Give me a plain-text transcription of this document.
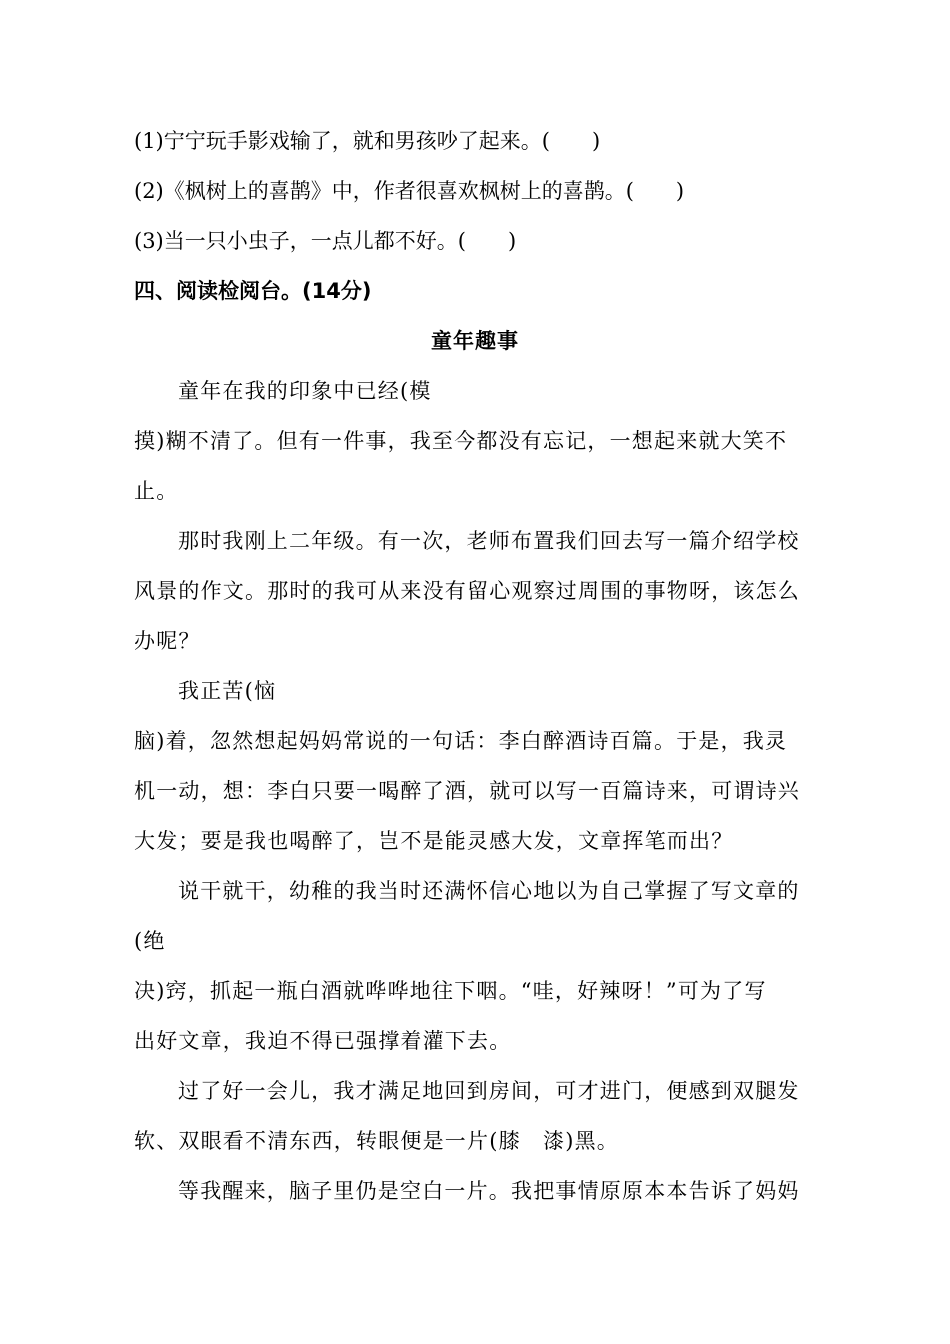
(1)宁宁玩手影戏输了，就和男孩吵了起来。(　　)
(2)《枫树上的喜鹊》中，作者很喜欢枫树上的喜鹊。(　　)
(3)当一只小虫子，一点儿都不好。(　　)
四、阅读检阅台。(14分)
童年趣事
童年在我的印象中已经(模
摸)糊不清了。但有一件事，我至今都没有忘记，一想起来就大笑不
止。
那时我刚上二年级。有一次，老师布置我们回去写一篇介绍学校
风景的作文。那时的我可从来没有留心观察过周围的事物呀，该怎么
办呢？
我正苦(恼
脑)着，忽然想起妈妈常说的一句话：李白醉酒诗百篇。于是，我灵
机一动，想：李白只要一喝醉了酒，就可以写一百篇诗来，可谓诗兴
大发；要是我也喝醉了，岂不是能灵感大发，文章挥笔而出？
说干就干，幼稚的我当时还满怀信心地以为自己掌握了写文章的
(绝
决)窍，抓起一瓶白酒就哗哗地往下咽。“哇，好辣呀！”可为了写
出好文章，我迫不得已强撑着灌下去。
过了好一会儿，我才满足地回到房间，可才进门，便感到双腿发
软、双眼看不清东西，转眼便是一片(膝　漆)黑。
等我醒来，脑子里仍是空白一片。我把事情原原本本告诉了妈妈
